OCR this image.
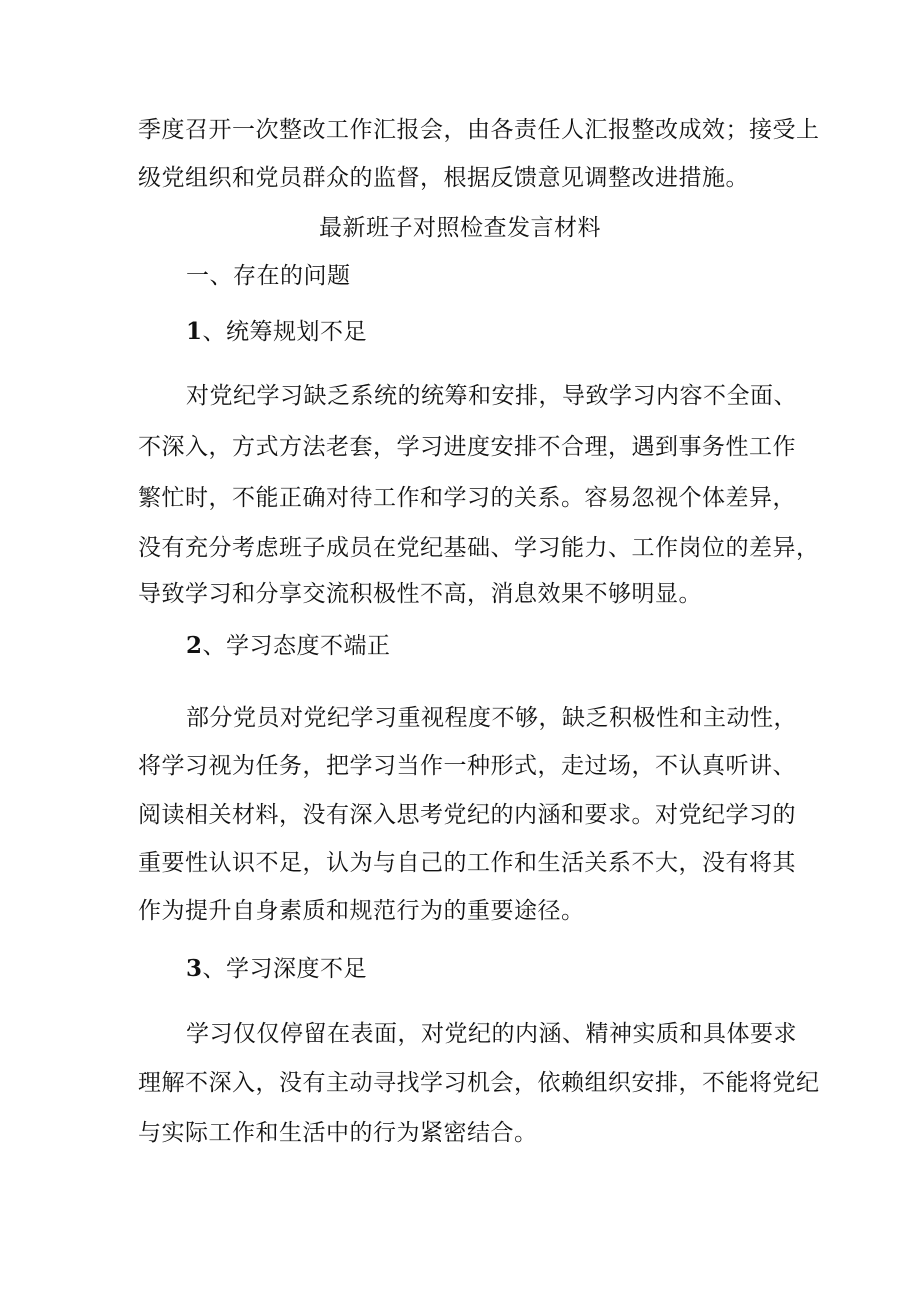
季度召开一次整改工作汇报会，由各责任人汇报整改成效；接受上
级党组织和党员群众的监督，根据反馈意见调整改进措施。
最新班子对照检查发言材料
一、存在的问题
1、统筹规划不足
对党纪学习缺乏系统的统筹和安排，导致学习内容不全面、
不深入，方式方法老套，学习进度安排不合理，遇到事务性工作
繁忙时，不能正确对待工作和学习的关系。容易忽视个体差异，
没有充分考虑班子成员在党纪基础、学习能力、工作岗位的差异，
导致学习和分享交流积极性不高，消息效果不够明显。
2、学习态度不端正
部分党员对党纪学习重视程度不够，缺乏积极性和主动性，
将学习视为任务，把学习当作一种形式，走过场，不认真听讲、
阅读相关材料，没有深入思考党纪的内涵和要求。对党纪学习的
重要性认识不足，认为与自己的工作和生活关系不大，没有将其
作为提升自身素质和规范行为的重要途径。
3、学习深度不足
学习仅仅停留在表面，对党纪的内涵、精神实质和具体要求
理解不深入，没有主动寻找学习机会，依赖组织安排，不能将党纪
与实际工作和生活中的行为紧密结合。
